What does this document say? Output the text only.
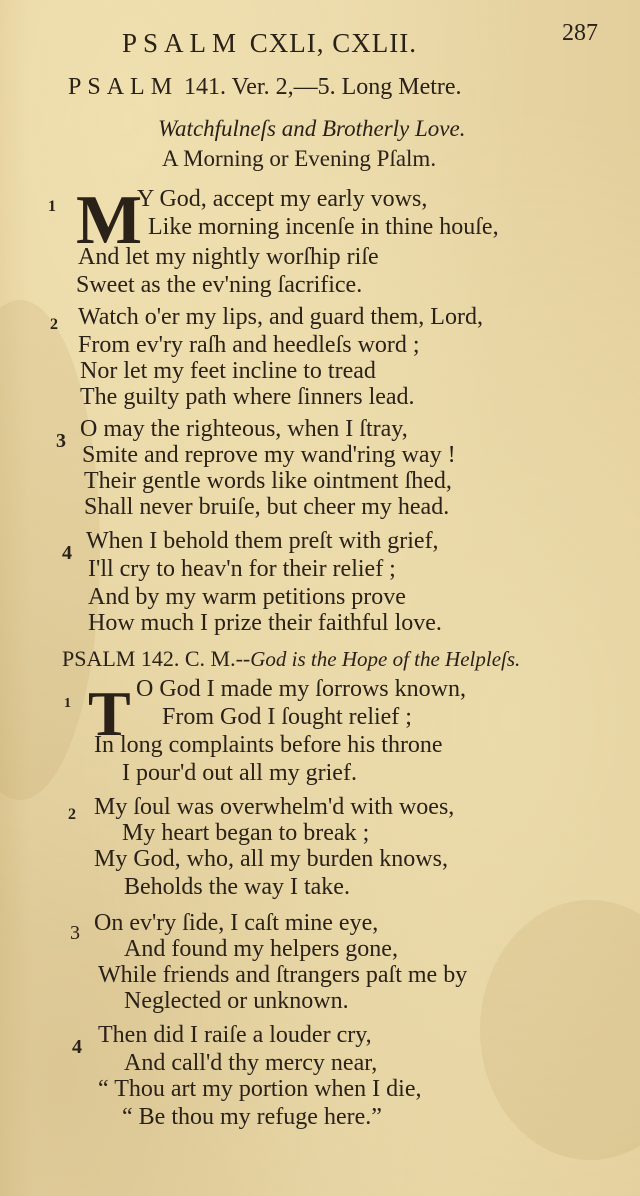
PSALM CXLI, CXLII.	287
PSALM 141. Ver. 2,—5. Long Metre.
Watchfulneſs and Brotherly Love.
A Morning or Evening Pſalm.
1 M
Y God, accept my early vows,
Like morning incenſe in thine houſe,
And let my nightly worſhip riſe
Sweet as the ev'ning ſacrifice.
2 Watch o'er my lips, and guard them, Lord,
From ev'ry raſh and heedleſs word ;
Nor let my feet incline to tread
The guilty path where ſinners lead.
3 O may the righteous, when I ſtray,
Smite and reprove my wand'ring way !
Their gentle words like ointment ſhed,
Shall never bruiſe, but cheer my head.
4 When I behold them preſt with grief,
I'll cry to heav'n for their relief ;
And by my warm petitions prove
How much I prize their faithful love.
PSALM 142. C. M.--God is the Hope of the Helpleſs.
1 T O God I made my ſorrows known,
From God I ſought relief ;
In long complaints before his throne
I pour'd out all my grief.
2 My ſoul was overwhelm'd with woes,
My heart began to break ;
My God, who, all my burden knows,
Beholds the way I take.
3 On ev'ry ſide, I caſt mine eye,
And found my helpers gone,
While friends and ſtrangers paſt me by
Neglected or unknown.
4 Then did I raiſe a louder cry,
And call'd thy mercy near,
“ Thou art my portion when I die,
“ Be thou my refuge here.”
